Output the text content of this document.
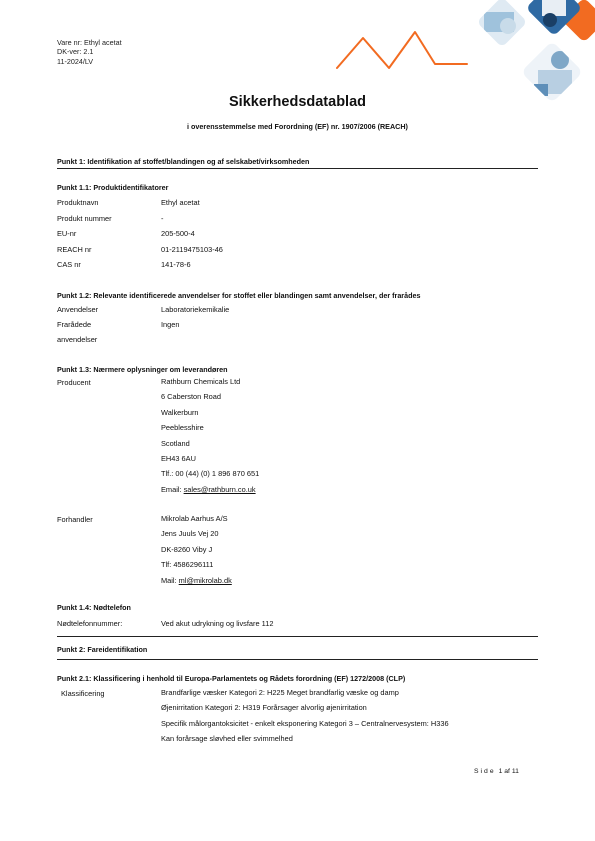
Vare nr: Ethyl acetat
DK-ver: 2.1
11-2024/LV
Sikkerhedsdatablad
i overensstemmelse med Forordning (EF) nr. 1907/2006 (REACH)
Punkt 1: Identifikation af stoffet/blandingen og af selskabet/virksomheden
Punkt 1.1: Produktidentifikatorer
Produktnavn	Ethyl acetat
Produkt nummer	-
EU-nr	205-500-4
REACH nr	01-2119475103-46
CAS nr	141-78-6
Punkt 1.2: Relevante identificerede anvendelser for stoffet eller blandingen samt anvendelser, der frarådes
Anvendelser	Laboratoriekemikalie
Frarådede	Ingen
anvendelser
Punkt 1.3: Nærmere oplysninger om leverandøren
Producent	Rathburn Chemicals Ltd
6 Caberston Road
Walkerburn
Peeblesshire
Scotland
EH43 6AU
Tlf.: 00 (44) (0) 1 896 870 651
Email: sales@rathburn.co.uk
Forhandler	Mikrolab Aarhus A/S
Jens Juuls Vej 20
DK-8260 Viby J
Tlf: 4586296111
Mail: ml@mikrolab.dk
Punkt 1.4: Nødtelefon
Nødtelefonnummer:	Ved akut udrykning og livsfare 112
Punkt 2: Fareidentifikation
Punkt 2.1: Klassificering i henhold til Europa-Parlamentets og Rådets forordning (EF) 1272/2008 (CLP)
Klassificering	Brandfarlige væsker Kategori 2: H225 Meget brandfarlig væske og damp
Øjenirritation Kategori 2: H319 Forårsager alvorlig øjenirritation
Specifik målorgantoksicitet - enkelt eksponering Kategori 3 – Centralnervesystem: H336
Kan forårsage sløvhed eller svimmelhed
Side 1 af 11
